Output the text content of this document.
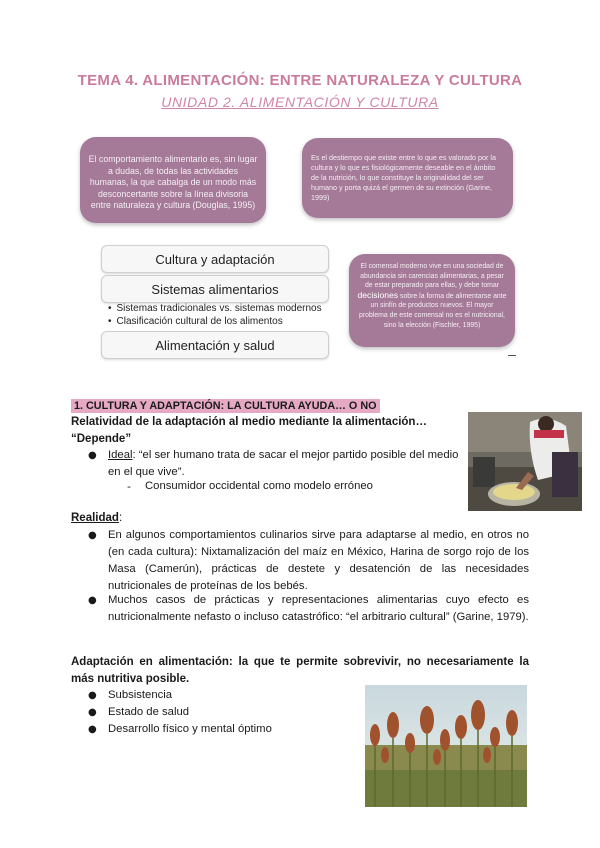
TEMA 4. ALIMENTACIÓN: ENTRE NATURALEZA Y CULTURA
UNIDAD 2. ALIMENTACIÓN Y CULTURA
El comportamiento alimentario es, sin lugar a dudas, de todas las actividades humanas, la que cabalga de un modo más desconcertante sobre la línea divisoria entre naturaleza y cultura (Douglas, 1995)
Es el destiempo que existe entre lo que es valorado por la cultura y lo que es fisiológicamente deseable en el ámbito de la nutrición, lo que constituye la originalidad del ser humano y porta quizá el germen de su extinción (Garine, 1999)
El comensal moderno vive en una sociedad de abundancia sin carencias alimentarias, a pesar de estar preparado para ellas, y debe tomar decisiones sobre la forma de alimentarse ante un sinfín de productos nuevos. El mayor problema de este comensal no es el nutricional, sino la elección (Fischler, 1995)
Cultura y adaptación
Sistemas alimentarios
• Sistemas tradicionales vs. sistemas modernos
• Clasificación cultural de los alimentos
Alimentación y salud
1. CULTURA Y ADAPTACIÓN: LA CULTURA AYUDA… O NO
Relatividad de la adaptación al medio mediante la alimentación…
“Depende”
● Ideal: “el ser humano trata de sacar el mejor partido posible del medio en el que vive”.
- Consumidor occidental como modelo erróneo
Realidad:
● En algunos comportamientos culinarios sirve para adaptarse al medio, en otros no (en cada cultura): Nixtamalización del maíz en México, Harina de sorgo rojo de los Masa (Camerún), prácticas de destete y desatención de las necesidades nutricionales de proteínas de los bebés.
● Muchos casos de prácticas y representaciones alimentarias cuyo efecto es nutricionalmente nefasto o incluso catastrófico: “el arbitrario cultural” (Garine, 1979).
Adaptación en alimentación: la que te permite sobrevivir, no necesariamente la más nutritiva posible.
● Subsistencia
● Estado de salud
● Desarrollo físico y mental óptimo
